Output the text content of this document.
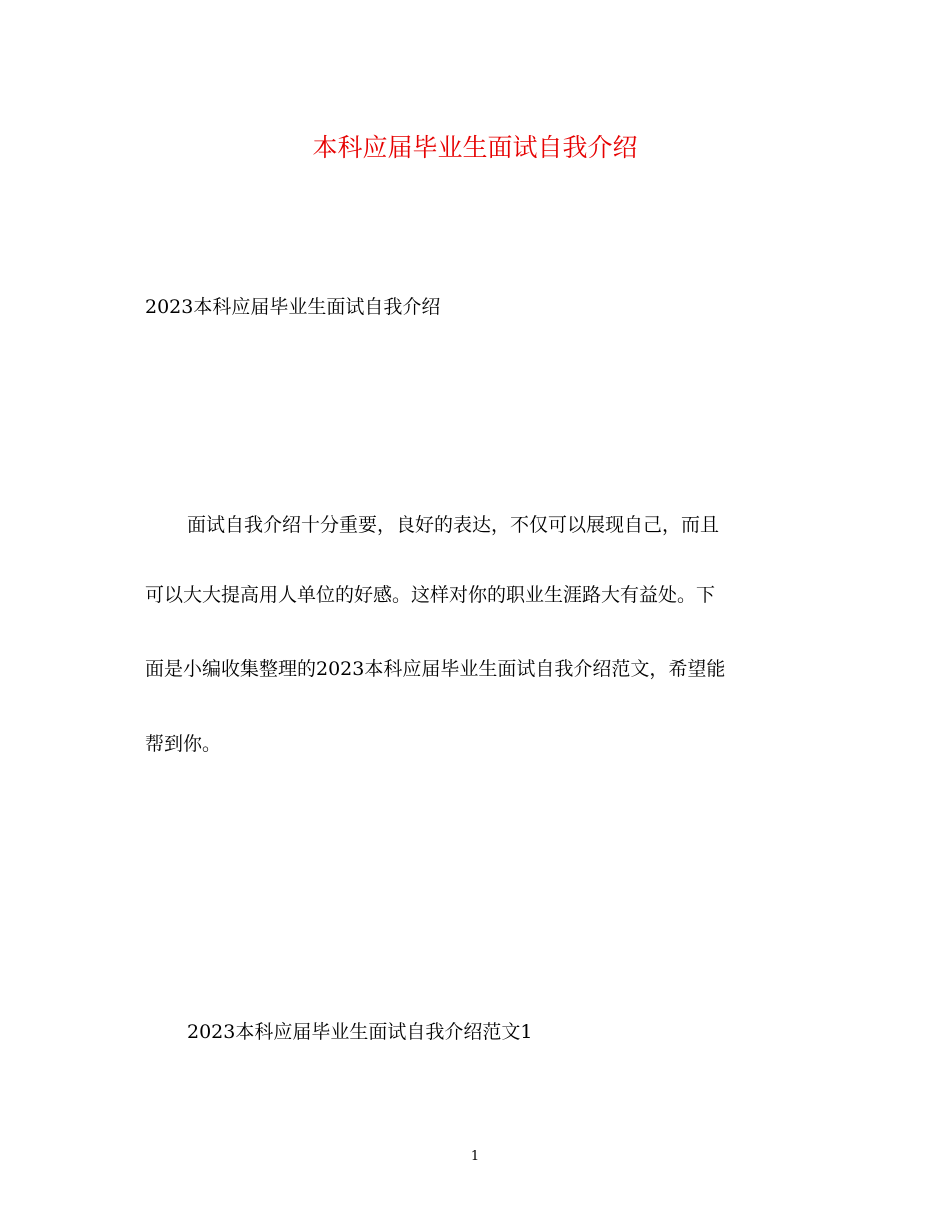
本科应届毕业生面试自我介绍
2023本科应届毕业生面试自我介绍
面试自我介绍十分重要，良好的表达，不仅可以展现自己，而且
可以大大提高用人单位的好感。这样对你的职业生涯路大有益处。下
面是小编收集整理的2023本科应届毕业生面试自我介绍范文，希望能
帮到你。
2023本科应届毕业生面试自我介绍范文1
1
